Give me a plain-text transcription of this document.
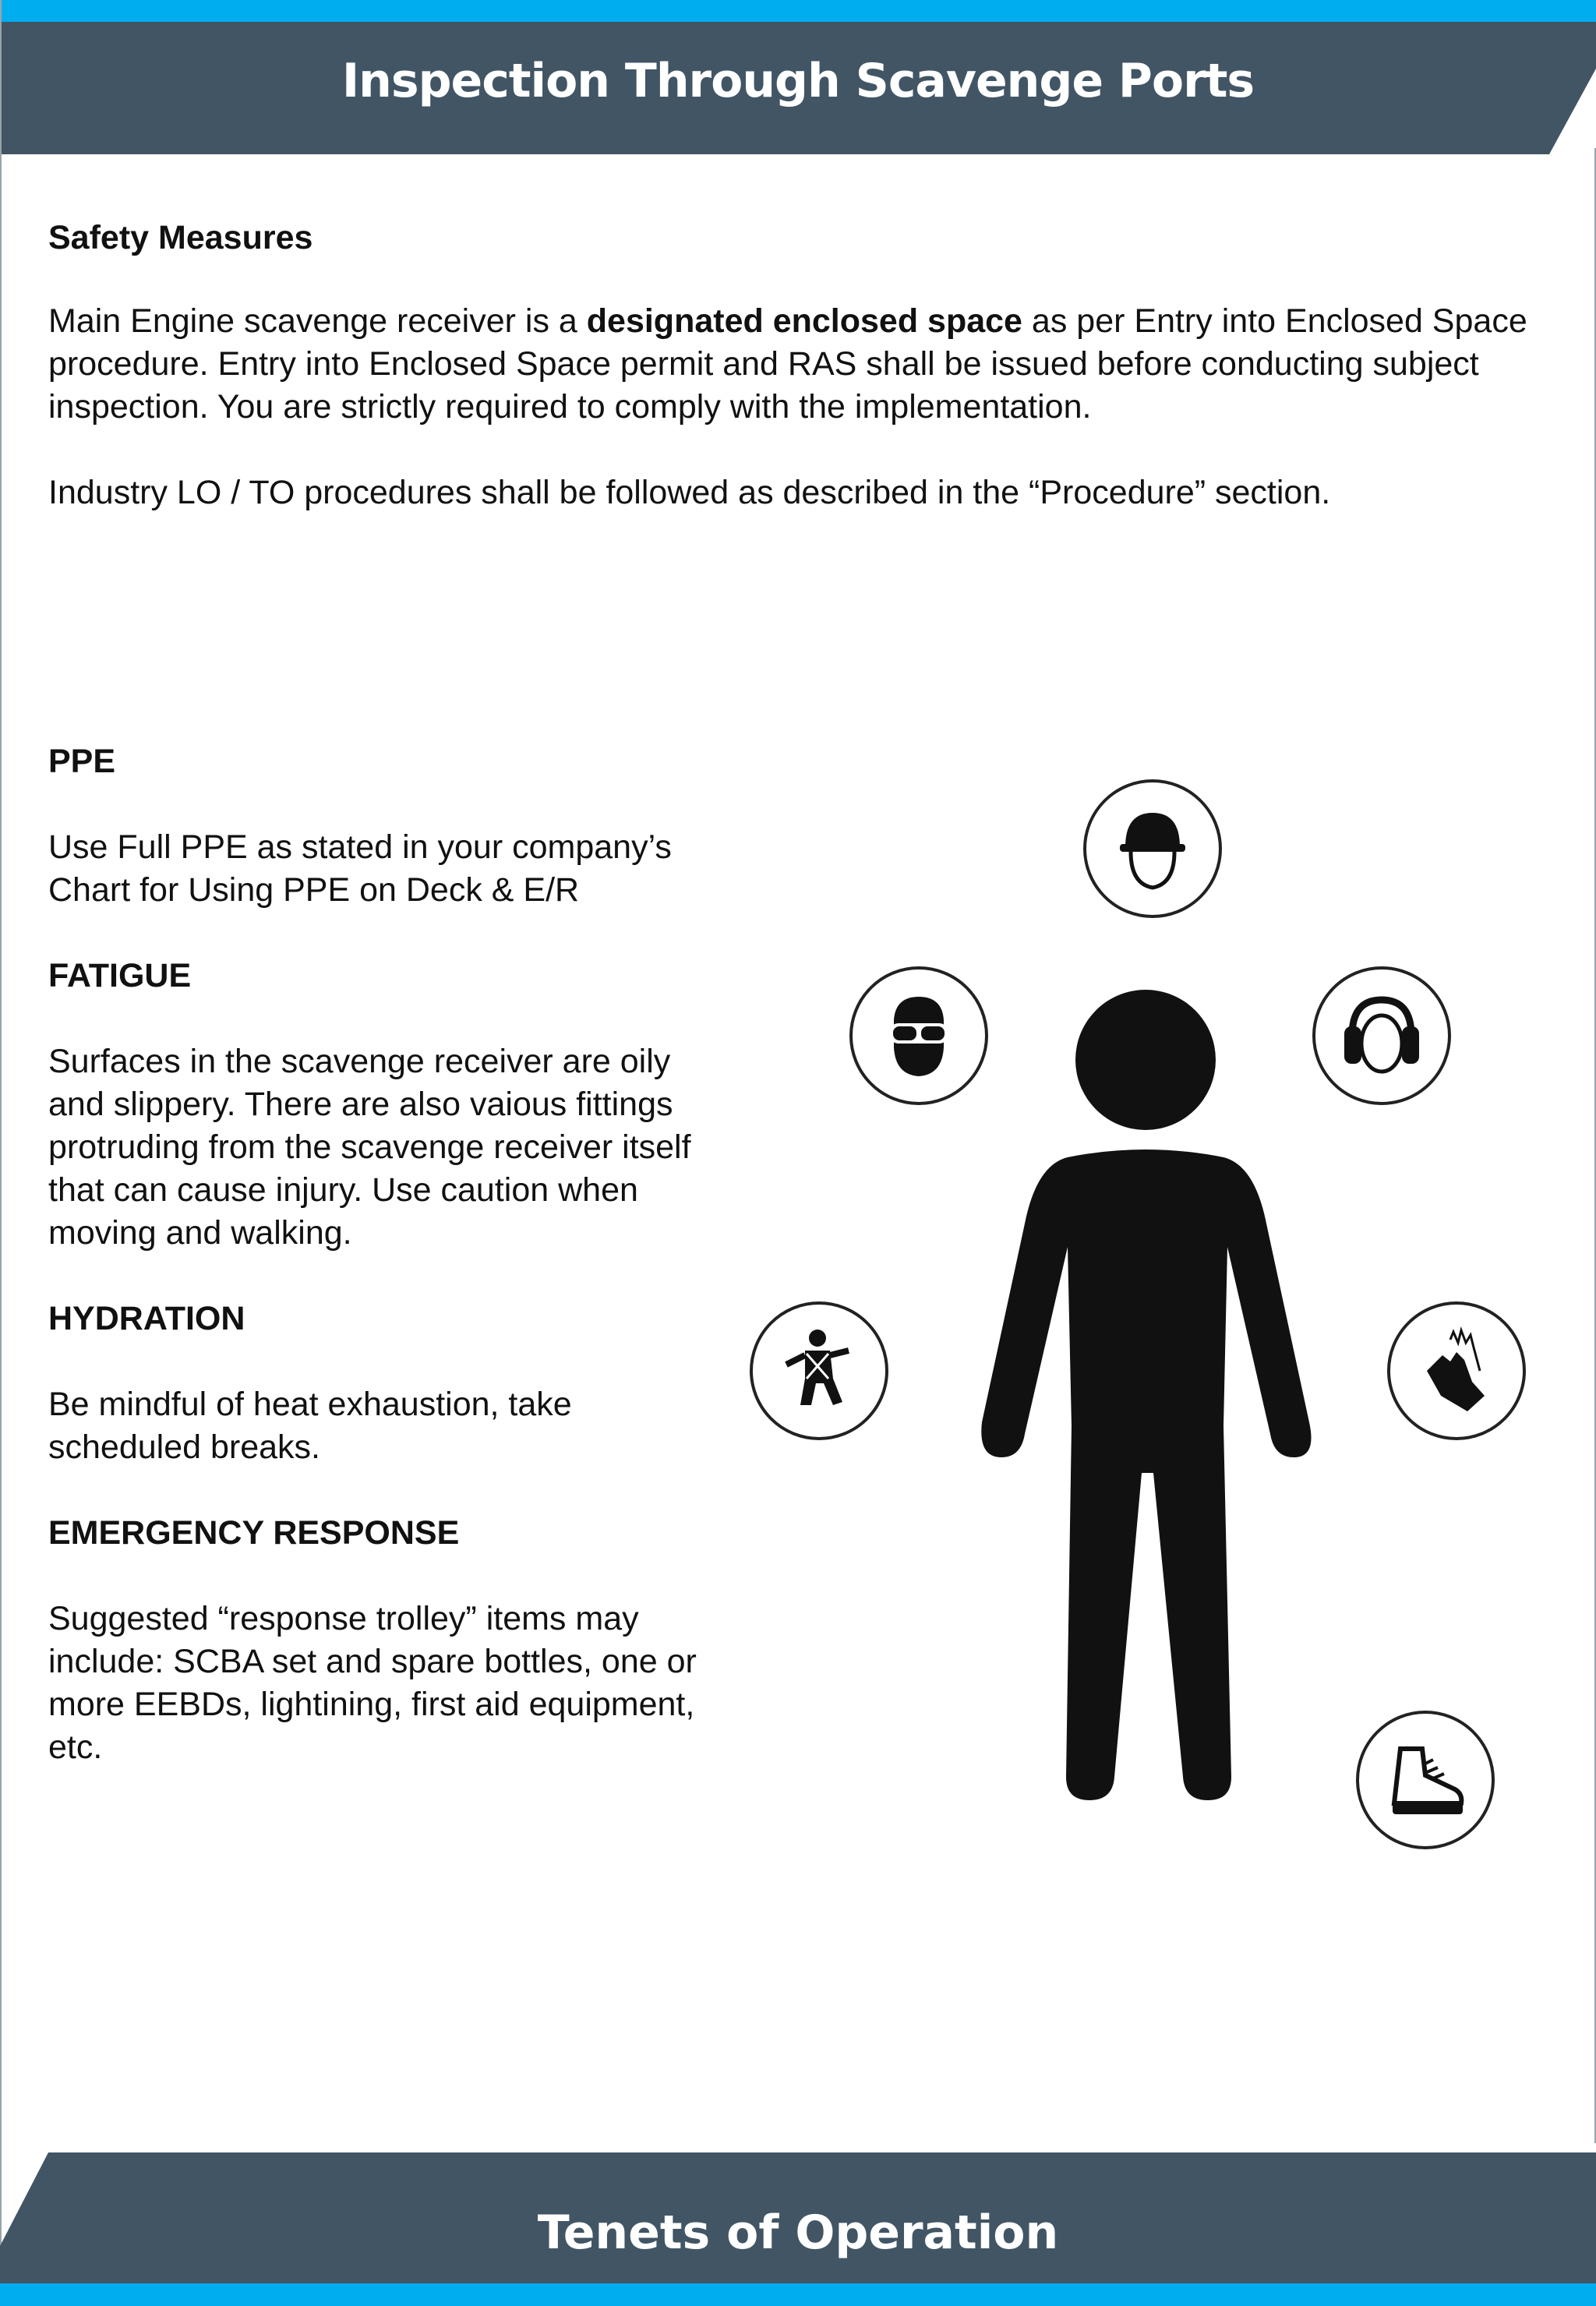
Inspection Through Scavenge Ports

Safety Measures

Main Engine scavenge receiver is a designated enclosed space as per Entry into Enclosed Space procedure. Entry into Enclosed Space permit and RAS shall be issued before conducting subject inspection. You are strictly required to comply with the implementation.

Industry LO / TO procedures shall be followed as described in the “Procedure” section.

PPE

Use Full PPE as stated in your company’s Chart for Using PPE on Deck & E/R

FATIGUE

Surfaces in the scavenge receiver are oily and slippery. There are also vaious fittings protruding from the scavenge receiver itself that can cause injury. Use caution when moving and walking.

HYDRATION

Be mindful of heat exhaustion, take scheduled breaks.

EMERGENCY RESPONSE

Suggested “response trolley” items may include: SCBA set and spare bottles, one or more EEBDs, lightining, first aid equipment, etc.

Tenets of Operation
